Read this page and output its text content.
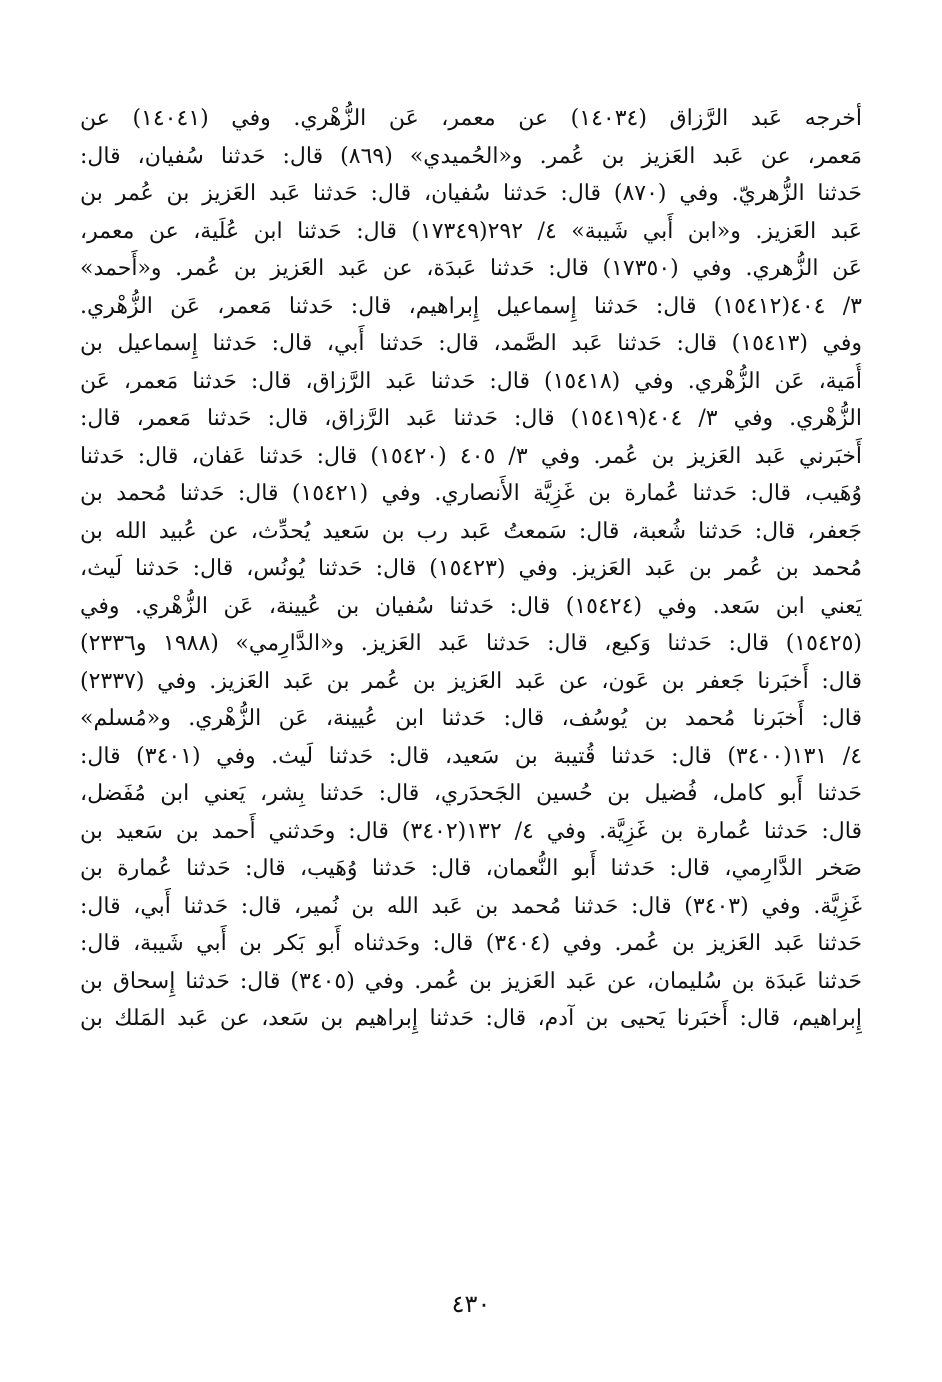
أخرجه عَبد الرَّزاق (١٤٠٣٤) عن معمر، عَن الزُّهْري. وفي (١٤٠٤١) عن
مَعمر، عن عَبد العَزيز بن عُمر. و«الحُميدي» (٨٦٩) قال: حَدثنا سُفيان، قال:
حَدثنا الزُّهريّ. وفي (٨٧٠) قال: حَدثنا سُفيان، قال: حَدثنا عَبد العَزيز بن عُمر بن
عَبد العَزيز. و«ابن أَبي شَيبة» ٤/ ٢٩٢(١٧٣٤٩) قال: حَدثنا ابن عُلَية، عن معمر،
عَن الزُّهري. وفي (١٧٣٥٠) قال: حَدثنا عَبدَة، عن عَبد العَزيز بن عُمر. و«أَحمد»
٣/ ٤٠٤(١٥٤١٢) قال: حَدثنا إِسماعيل إِبراهيم، قال: حَدثنا مَعمر، عَن الزُّهْري.
وفي (١٥٤١٣) قال: حَدثنا عَبد الصَّمد، قال: حَدثنا أَبي، قال: حَدثنا إِسماعيل بن
أُمَية، عَن الزُّهْري. وفي (١٥٤١٨) قال: حَدثنا عَبد الرَّزاق، قال: حَدثنا مَعمر، عَن
الزُّهْري. وفي ٣/ ٤٠٤(١٥٤١٩) قال: حَدثنا عَبد الرَّزاق، قال: حَدثنا مَعمر، قال:
أَخبَرني عَبد العَزيز بن عُمر. وفي ٣/ ٤٠٥ (١٥٤٢٠) قال: حَدثنا عَفان، قال: حَدثنا
وُهَيب، قال: حَدثنا عُمارة بن غَزِيَّة الأَنصاري. وفي (١٥٤٢١) قال: حَدثنا مُحمد بن
جَعفر، قال: حَدثنا شُعبة، قال: سَمعتُ عَبد رب بن سَعيد يُحدِّث، عن عُبيد الله بن
مُحمد بن عُمر بن عَبد العَزيز. وفي (١٥٤٢٣) قال: حَدثنا يُونُس، قال: حَدثنا لَيث،
يَعني ابن سَعد. وفي (١٥٤٢٤) قال: حَدثنا سُفيان بن عُيينة، عَن الزُّهْري. وفي
(١٥٤٢٥) قال: حَدثنا وَكيع، قال: حَدثنا عَبد العَزيز. و«الدَّارِمي» (١٩٨٨ و٢٣٣٦)
قال: أَخبَرنا جَعفر بن عَون، عن عَبد العَزيز بن عُمر بن عَبد العَزيز. وفي (٢٣٣٧)
قال: أَخبَرنا مُحمد بن يُوسُف، قال: حَدثنا ابن عُيينة، عَن الزُّهْري. و«مُسلم»
٤/ ١٣١(٣٤٠٠) قال: حَدثنا قُتيبة بن سَعيد، قال: حَدثنا لَيث. وفي (٣٤٠١) قال:
حَدثنا أَبو كامل، فُضيل بن حُسين الجَحدَري، قال: حَدثنا بِشر، يَعني ابن مُفَضل،
قال: حَدثنا عُمارة بن غَزِيَّة. وفي ٤/ ١٣٢(٣٤٠٢) قال: وحَدثني أَحمد بن سَعيد بن
صَخر الدَّارِمي، قال: حَدثنا أَبو النُّعمان، قال: حَدثنا وُهَيب، قال: حَدثنا عُمارة بن
غَزِيَّة. وفي (٣٤٠٣) قال: حَدثنا مُحمد بن عَبد الله بن نُمير، قال: حَدثنا أَبي، قال:
حَدثنا عَبد العَزيز بن عُمر. وفي (٣٤٠٤) قال: وحَدثناه أَبو بَكر بن أَبي شَيبة، قال:
حَدثنا عَبدَة بن سُليمان، عن عَبد العَزيز بن عُمر. وفي (٣٤٠٥) قال: حَدثنا إِسحاق بن
إِبراهيم، قال: أَخبَرنا يَحيى بن آدم، قال: حَدثنا إِبراهيم بن سَعد، عن عَبد المَلك بن
٤٣٠
